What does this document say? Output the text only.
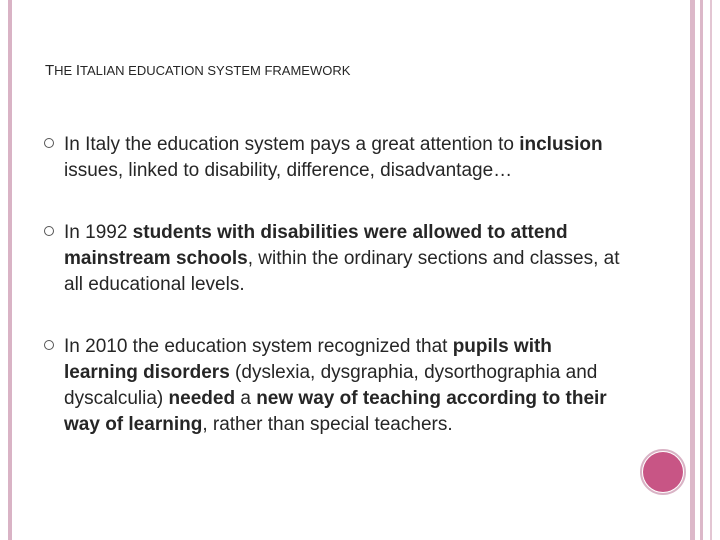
THE ITALIAN EDUCATION SYSTEM FRAMEWORK
In Italy the education system pays a great attention to inclusion issues, linked to disability, difference, disadvantage…
In 1992 students with disabilities were allowed to attend mainstream schools, within the ordinary sections and classes, at all educational levels.
In 2010 the education system recognized that pupils with learning disorders (dyslexia, dysgraphia, dysorthographia and dyscalculia) needed a new way of teaching according to their way of learning, rather than special teachers.
